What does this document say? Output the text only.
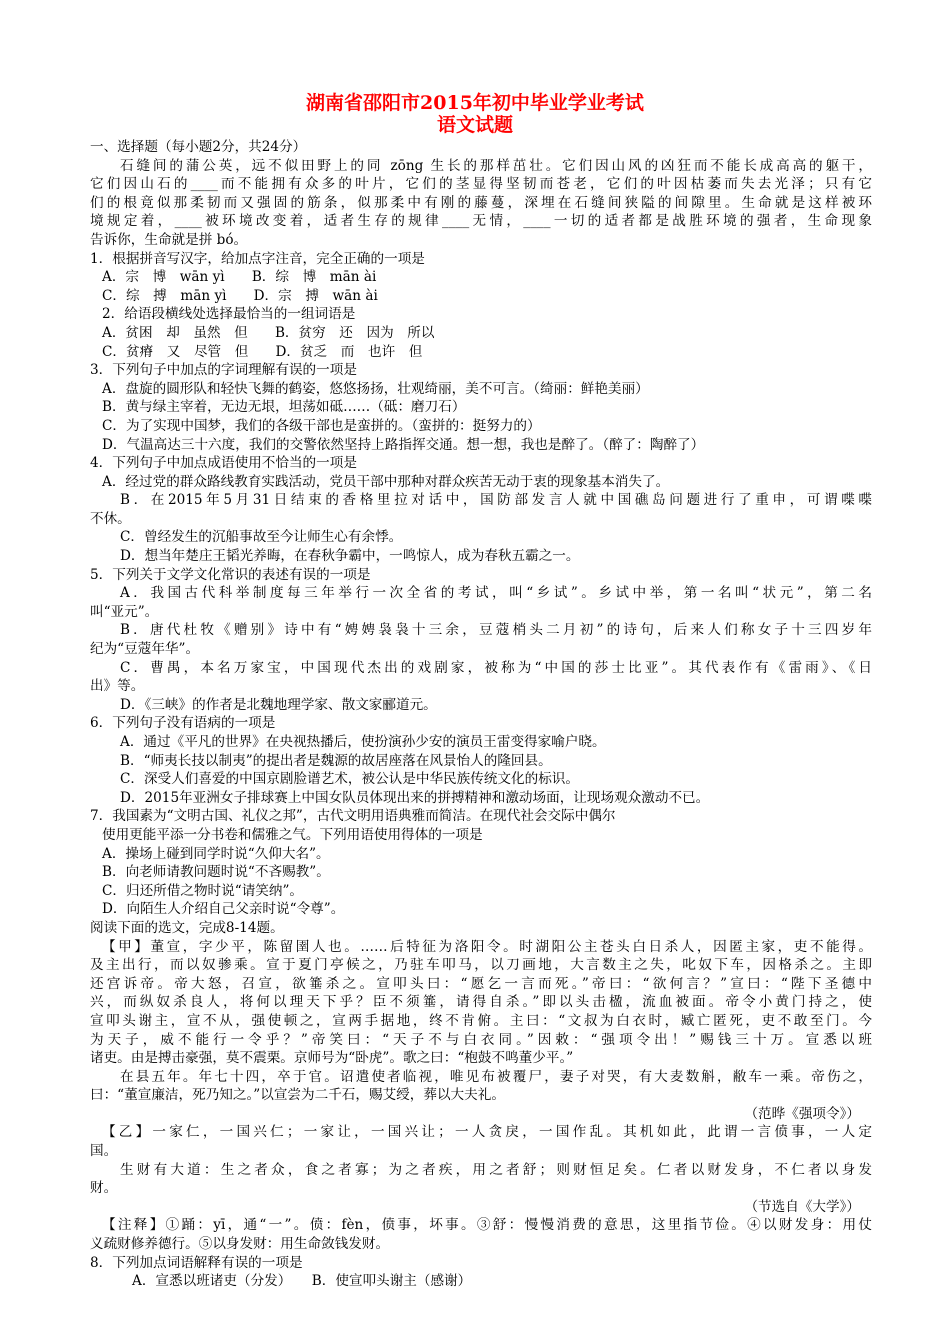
湖南省邵阳市2015年初中毕业学业考试
语文试题
一、选择题（每小题2分，共24分）
石缝间的蒲公英，远不似田野上的同 zōng 生长的那样茁壮。它们因山风的凶狂而不能长成高高的躯干，
它们因山石的____而不能拥有众多的叶片，它们的茎显得坚韧而苍老，它们的叶因枯萎而失去光泽；只有它
们的根竟似那柔韧而又强固的筋条，似那柔中有刚的藤蔓，深埋在石缝间狭隘的间隙里。生命就是这样被环
境规定着，____被环境改变着，适者生存的规律____无情，____一切的适者都是战胜环境的强者，生命现象
告诉你，生命就是拼 bó。
1．根据拼音写汉字，给加点字注音，完全正确的一项是
A．宗　博　wān yì　　B．综　博　mān ài
C．综　搏　mān yì　　D．宗　搏　wān ài
2．给语段横线处选择最恰当的一组词语是
A．贫困　却　虽然　但　　B．贫穷　还　因为　所以
C．贫瘠　又　尽管　但　　D．贫乏　而　也许　但
3．下列句子中加点的字词理解有误的一项是
A．盘旋的圆形队和轻快飞舞的鹤姿，悠悠扬扬，壮观绮丽，美不可言。（绮丽：鲜艳美丽）
B．黄与绿主宰着，无边无垠，坦荡如砥……（砥：磨刀石）
C．为了实现中国梦，我们的各级干部也是蛮拼的。（蛮拼的：挺努力的）
D．气温高达三十六度，我们的交警依然坚持上路指挥交通。想一想，我也是醉了。（醉了：陶醉了）
4．下列句子中加点成语使用不恰当的一项是
A．经过党的群众路线教育实践活动，党员干部中那种对群众疾苦无动于衷的现象基本消失了。
B．在2015年5月31日结束的香格里拉对话中，国防部发言人就中国礁岛问题进行了重申，可谓喋喋
不休。
C．曾经发生的沉船事故至今让师生心有余悸。
D．想当年楚庄王韬光养晦，在春秋争霸中，一鸣惊人，成为春秋五霸之一。
5．下列关于文学文化常识的表述有误的一项是
A．我国古代科举制度每三年举行一次全省的考试，叫“乡试”。乡试中举，第一名叫“状元”，第二名
叫“亚元”。
B．唐代杜牧《赠别》诗中有“娉娉袅袅十三余，豆蔻梢头二月初”的诗句，后来人们称女子十三四岁年
纪为“豆蔻年华”。
C．曹禺，本名万家宝，中国现代杰出的戏剧家，被称为“中国的莎士比亚”。其代表作有《雷雨》、《日
出》等。
D．《三峡》的作者是北魏地理学家、散文家郦道元。
6．下列句子没有语病的一项是
A．通过《平凡的世界》在央视热播后，使扮演孙少安的演员王雷变得家喻户晓。
B．“师夷长技以制夷”的提出者是魏源的故居座落在风景怡人的隆回县。
C．深受人们喜爱的中国京剧脸谱艺术，被公认是中华民族传统文化的标识。
D．2015年亚洲女子排球赛上中国女队员体现出来的拼搏精神和激动场面，让现场观众激动不已。
7．我国素为“文明古国、礼仪之邦”，古代文明用语典雅而简洁。在现代社会交际中偶尔
使用更能平添一分书卷和儒雅之气。下列用语使用得体的一项是
A．操场上碰到同学时说“久仰大名”。
B．向老师请教问题时说“不吝赐教”。
C．归还所借之物时说“请笑纳”。
D．向陌生人介绍自己父亲时说“令尊”。
阅读下面的选文，完成8-14题。
【甲】董宣，字少平，陈留圉人也。……后特征为洛阳令。时湖阳公主苍头白日杀人，因匿主家，吏不能得。
及主出行，而以奴骖乘。宣于夏门亭候之，乃驻车叩马，以刀画地，大言数主之失，叱奴下车，因格杀之。主即
还宫诉帝。帝大怒，召宣，欲箠杀之。宣叩头曰：“愿乞一言而死。”帝曰：“欲何言？”宣曰：“陛下圣德中
兴，而纵奴杀良人，将何以理天下乎？臣不须箠，请得自杀。”即以头击楹，流血被面。帝令小黄门持之，使
宣叩头谢主，宣不从，强使顿之，宣两手据地，终不肯俯。主曰：“文叔为白衣时，臧亡匿死，吏不敢至门。今
为天子，威不能行一令乎？”帝笑曰：“天子不与白衣同。”因敕：“强项令出！”赐钱三十万。宣悉以班
诸吏。由是搏击豪强，莫不震栗。京师号为“卧虎”。歌之曰：“枹鼓不鸣董少平。”
在县五年。年七十四，卒于官。诏遣使者临视，唯见布被覆尸，妻子对哭，有大麦数斛，敝车一乘。帝伤之，
曰：“董宣廉洁，死乃知之。”以宣尝为二千石，赐艾绶，葬以大夫礼。
（范晔《强项令》）
【乙】一家仁，一国兴仁；一家让，一国兴让；一人贪戾，一国作乱。其机如此，此谓一言偾事，一人定
国。
生财有大道：生之者众，食之者寡；为之者疾，用之者舒；则财恒足矣。仁者以财发身，不仁者以身发
财。
（节选自《大学》）
【注释】①踊：yī，通“一”。偾：fèn，偾事，坏事。③舒：慢慢消费的意思，这里指节俭。④以财发身：用仗
义疏财修养德行。⑤以身发财：用生命敛钱发财。
8．下列加点词语解释有误的一项是
A．宣悉以班诸吏（分发）　　B．使宣叩头谢主（感谢）
